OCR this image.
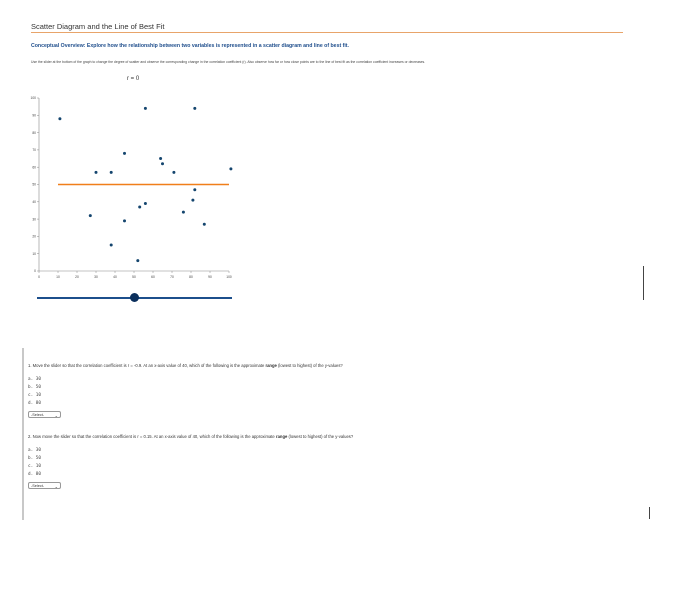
Scatter Diagram and the Line of Best Fit
Conceptual Overview: Explore how the relationship between two variables is represented in a scatter diagram and line of best fit.
Use the slider at the bottom of the graph to change the degree of scatter and observe the corresponding change in the correlation coefficient (r). Also observe how far or how close points are to the line of best fit as the correlation coefficient increases or decreases.
r = 0
0
10
20
30
40
50
60
70
80
90
100
0	10	20	30	40	50	60	70	80	90	100
1. Move the slider so that the correlation coefficient is r = -0.9. At an x-axis value of 40, which of the following is the approximate range (lowest to highest) of the y-values?
a. 30
b. 50
c. 10
d. 80
-Select-	⌄
2. Now move the slider so that the correlation coefficient is r = 0.15. At an x-axis value of 40, which of the following is the approximate range (lowest to highest) of the y-values?
a. 30
b. 50
c. 10
d. 80
-Select-	⌄
